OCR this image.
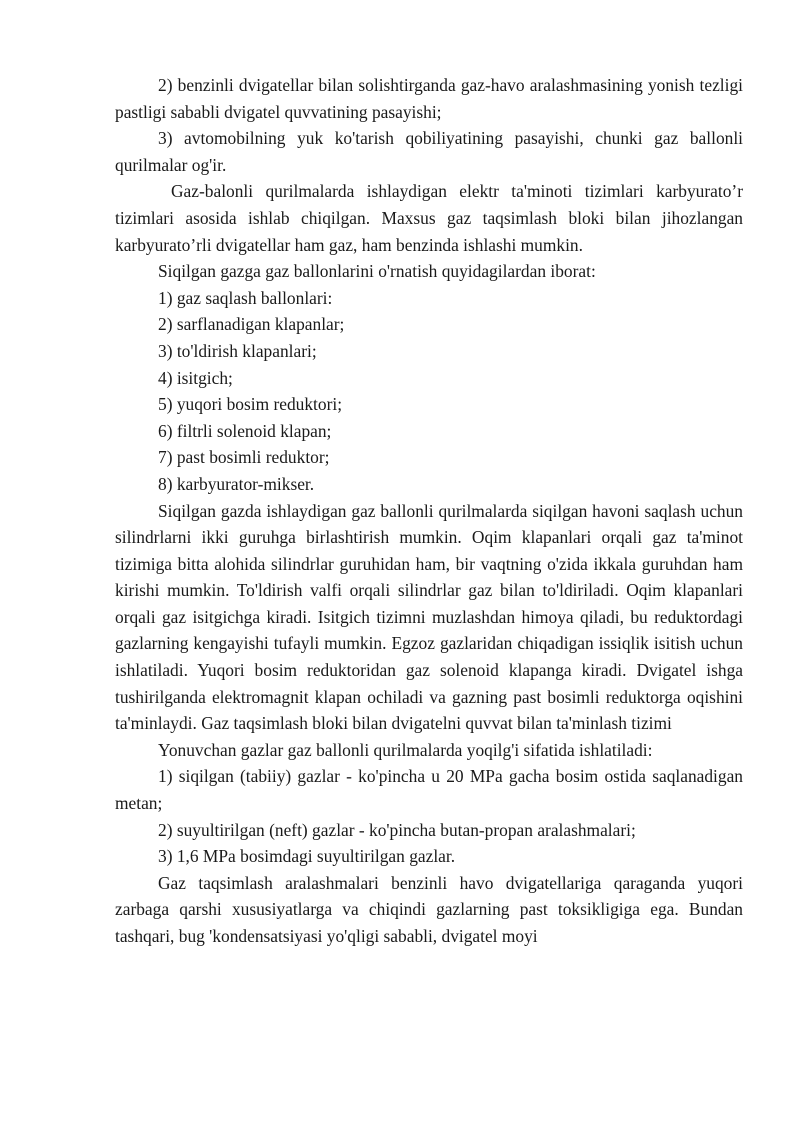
2) benzinli dvigatellar bilan solishtirganda gaz-havo aralashmasining yonish tezligi pastligi sababli dvigatel quvvatining pasayishi;

3) avtomobilning yuk ko'tarish qobiliyatining pasayishi, chunki gaz ballonli qurilmalar og'ir.

Gaz-balonli qurilmalarda ishlaydigan elektr ta'minoti tizimlari karbyurato’r tizimlari asosida ishlab chiqilgan. Maxsus gaz taqsimlash bloki bilan jihozlangan karbyurato’rli dvigatellar ham gaz, ham benzinda ishlashi mumkin.

Siqilgan gazga gaz ballonlarini o'rnatish quyidagilardan iborat:

1) gaz saqlash ballonlari:

2) sarflanadigan klapanlar;

3) to'ldirish klapanlari;

4) isitgich;

5) yuqori bosim reduktori;

6) filtrli solenoid klapan;

7) past bosimli reduktor;

8) karbyurator-mikser.

Siqilgan gazda ishlaydigan gaz ballonli qurilmalarda siqilgan havoni saqlash uchun silindrlarni ikki guruhga birlashtirish mumkin. Oqim klapanlari orqali gaz ta'minot tizimiga bitta alohida silindrlar guruhidan ham, bir vaqtning o'zida ikkala guruhdan ham kirishi mumkin. To'ldirish valfi orqali silindrlar gaz bilan to'ldiriladi. Oqim klapanlari orqali gaz isitgichga kiradi. Isitgich tizimni muzlashdan himoya qiladi, bu reduktordagi gazlarning kengayishi tufayli mumkin. Egzoz gazlaridan chiqadigan issiqlik isitish uchun ishlatiladi. Yuqori bosim reduktoridan gaz solenoid klapanga kiradi. Dvigatel ishga tushirilganda elektromagnit klapan ochiladi va gazning past bosimli reduktorga oqishini ta'minlaydi. Gaz taqsimlash bloki bilan dvigatelni quvvat bilan ta'minlash tizimi

Yonuvchan gazlar gaz ballonli qurilmalarda yoqilg'i sifatida ishlatiladi:

1) siqilgan (tabiiy) gazlar - ko'pincha u 20 MPa gacha bosim ostida saqlanadigan metan;

2) suyultirilgan (neft) gazlar - ko'pincha butan-propan aralashmalari;

3) 1,6 MPa bosimdagi suyultirilgan gazlar.

Gaz taqsimlash aralashmalari benzinli havo dvigatellariga qaraganda yuqori zarbaga qarshi xususiyatlarga va chiqindi gazlarning past toksikligiga ega. Bundan tashqari, bug 'kondensatsiyasi yo'qligi sababli, dvigatel moyi
